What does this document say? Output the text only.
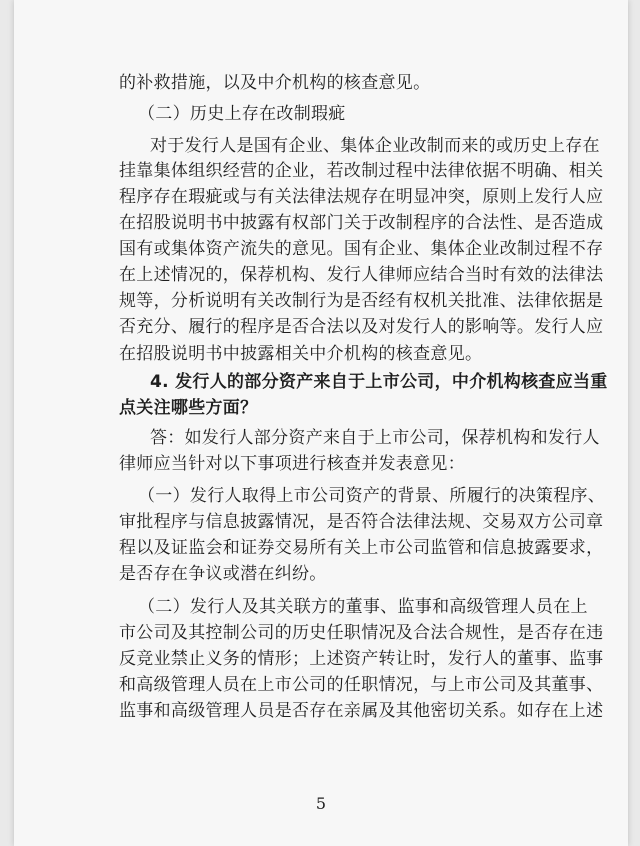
的补救措施，以及中介机构的核查意见。
（二）历史上存在改制瑕疵
对于发行人是国有企业、集体企业改制而来的或历史上存在
挂靠集体组织经营的企业，若改制过程中法律依据不明确、相关
程序存在瑕疵或与有关法律法规存在明显冲突，原则上发行人应
在招股说明书中披露有权部门关于改制程序的合法性、是否造成
国有或集体资产流失的意见。国有企业、集体企业改制过程不存
在上述情况的，保荐机构、发行人律师应结合当时有效的法律法
规等，分析说明有关改制行为是否经有权机关批准、法律依据是
否充分、履行的程序是否合法以及对发行人的影响等。发行人应
在招股说明书中披露相关中介机构的核查意见。
4. 发行人的部分资产来自于上市公司，中介机构核查应当重
点关注哪些方面？
答：如发行人部分资产来自于上市公司，保荐机构和发行人
律师应当针对以下事项进行核查并发表意见：
（一）发行人取得上市公司资产的背景、所履行的决策程序、
审批程序与信息披露情况，是否符合法律法规、交易双方公司章
程以及证监会和证券交易所有关上市公司监管和信息披露要求，
是否存在争议或潜在纠纷。
（二）发行人及其关联方的董事、监事和高级管理人员在上
市公司及其控制公司的历史任职情况及合法合规性，是否存在违
反竞业禁止义务的情形；上述资产转让时，发行人的董事、监事
和高级管理人员在上市公司的任职情况，与上市公司及其董事、
监事和高级管理人员是否存在亲属及其他密切关系。如存在上述
5
